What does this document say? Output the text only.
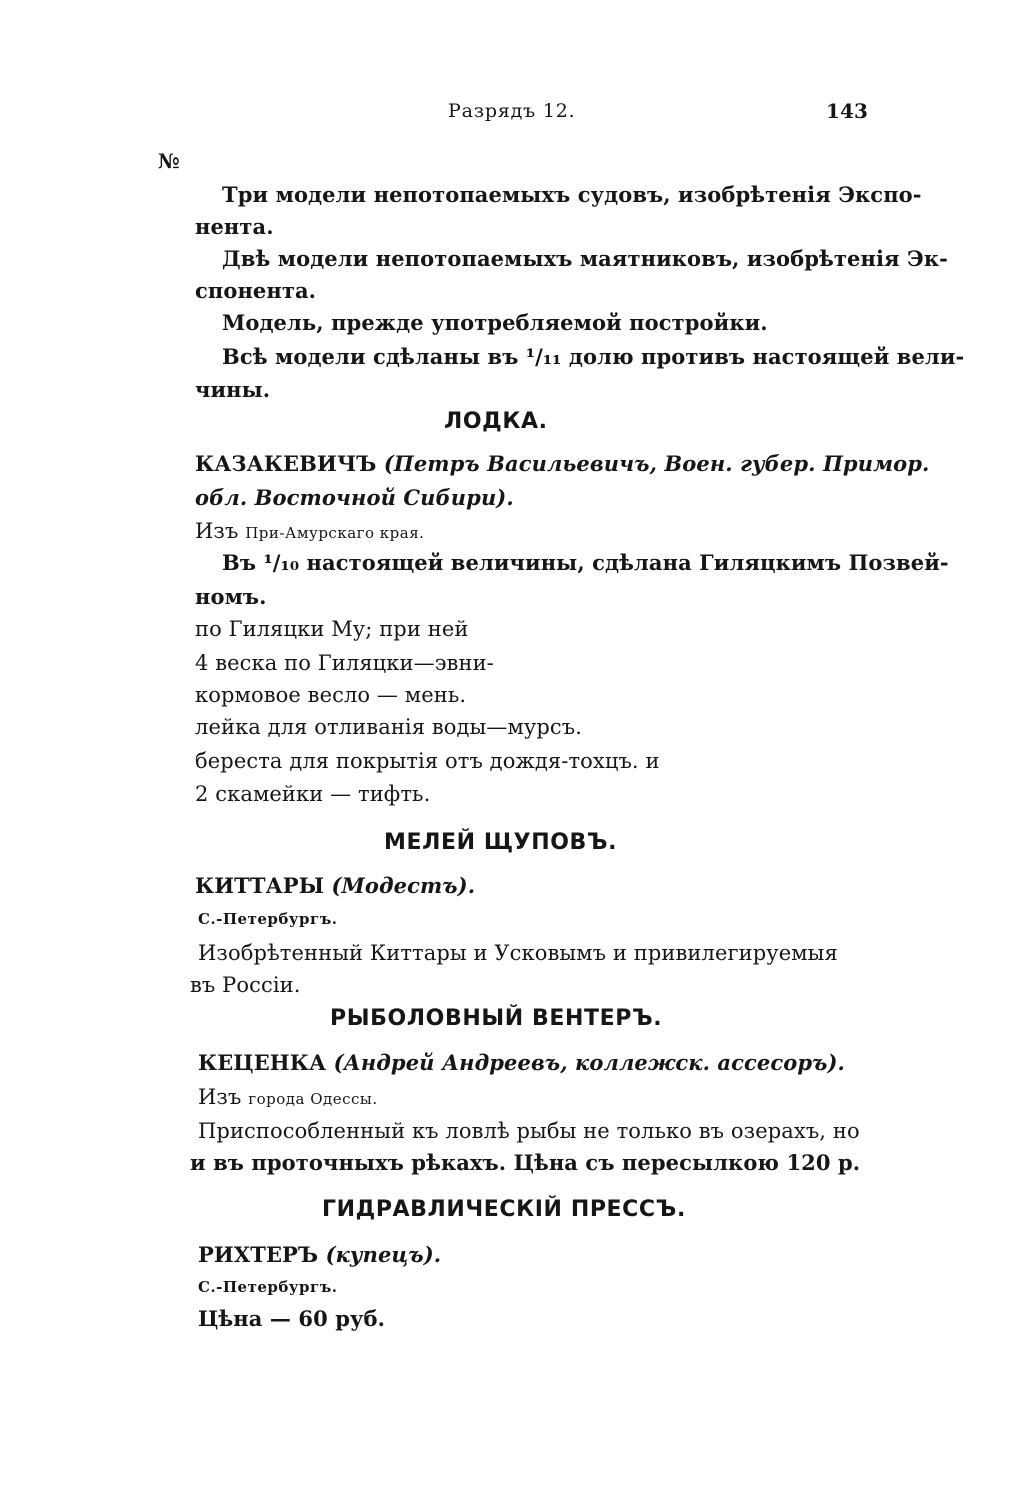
Разрядъ 12.	143
№
Три модели непотопаемыхъ судовъ, изобрѣтенія Экспо-
нента.
Двѣ модели непотопаемыхъ маятниковъ, изобрѣтенія Эк-
спонента.
Модель, прежде употребляемой постройки.
Всѣ модели сдѣланы въ ¹/₁₁ долю противъ настоящей вели-
чины.
ЛОДКА.
КАЗАКЕВИЧЪ (Петръ Васильевичъ, Воен. губер. Примор.
обл. Восточной Сибири).
Изъ При-Амурскаго края.
Въ ¹/₁₀ настоящей величины, сдѣлана Гиляцкимъ Позвей-
номъ.
по Гиляцки Му; при ней
4 веска по Гиляцки—эвни-
кормовое весло — мень.
лейка для отливанія воды—мурсъ.
береста для покрытія отъ дождя-тохцъ. и
2 скамейки — тифть.
МЕЛЕЙ ЩУПОВЪ.
КИТТАРЫ (Модестъ).
С.-Петербургъ.
Изобрѣтенный Киттары и Усковымъ и привилегируемыя
въ Россіи.
РЫБОЛОВНЫЙ ВЕНТЕРЪ.
КЕЦЕНКА (Андрей Андреевъ, коллежск. ассесоръ).
Изъ города Одессы.
Приспособленный къ ловлѣ рыбы не только въ озерахъ, но
и въ проточныхъ рѣкахъ. Цѣна съ пересылкою 120 р.
ГИДРАВЛИЧЕСКІЙ ПРЕССЪ.
РИХТЕРЪ (купецъ).
С.-Петербургъ.
Цѣна — 60 руб.
